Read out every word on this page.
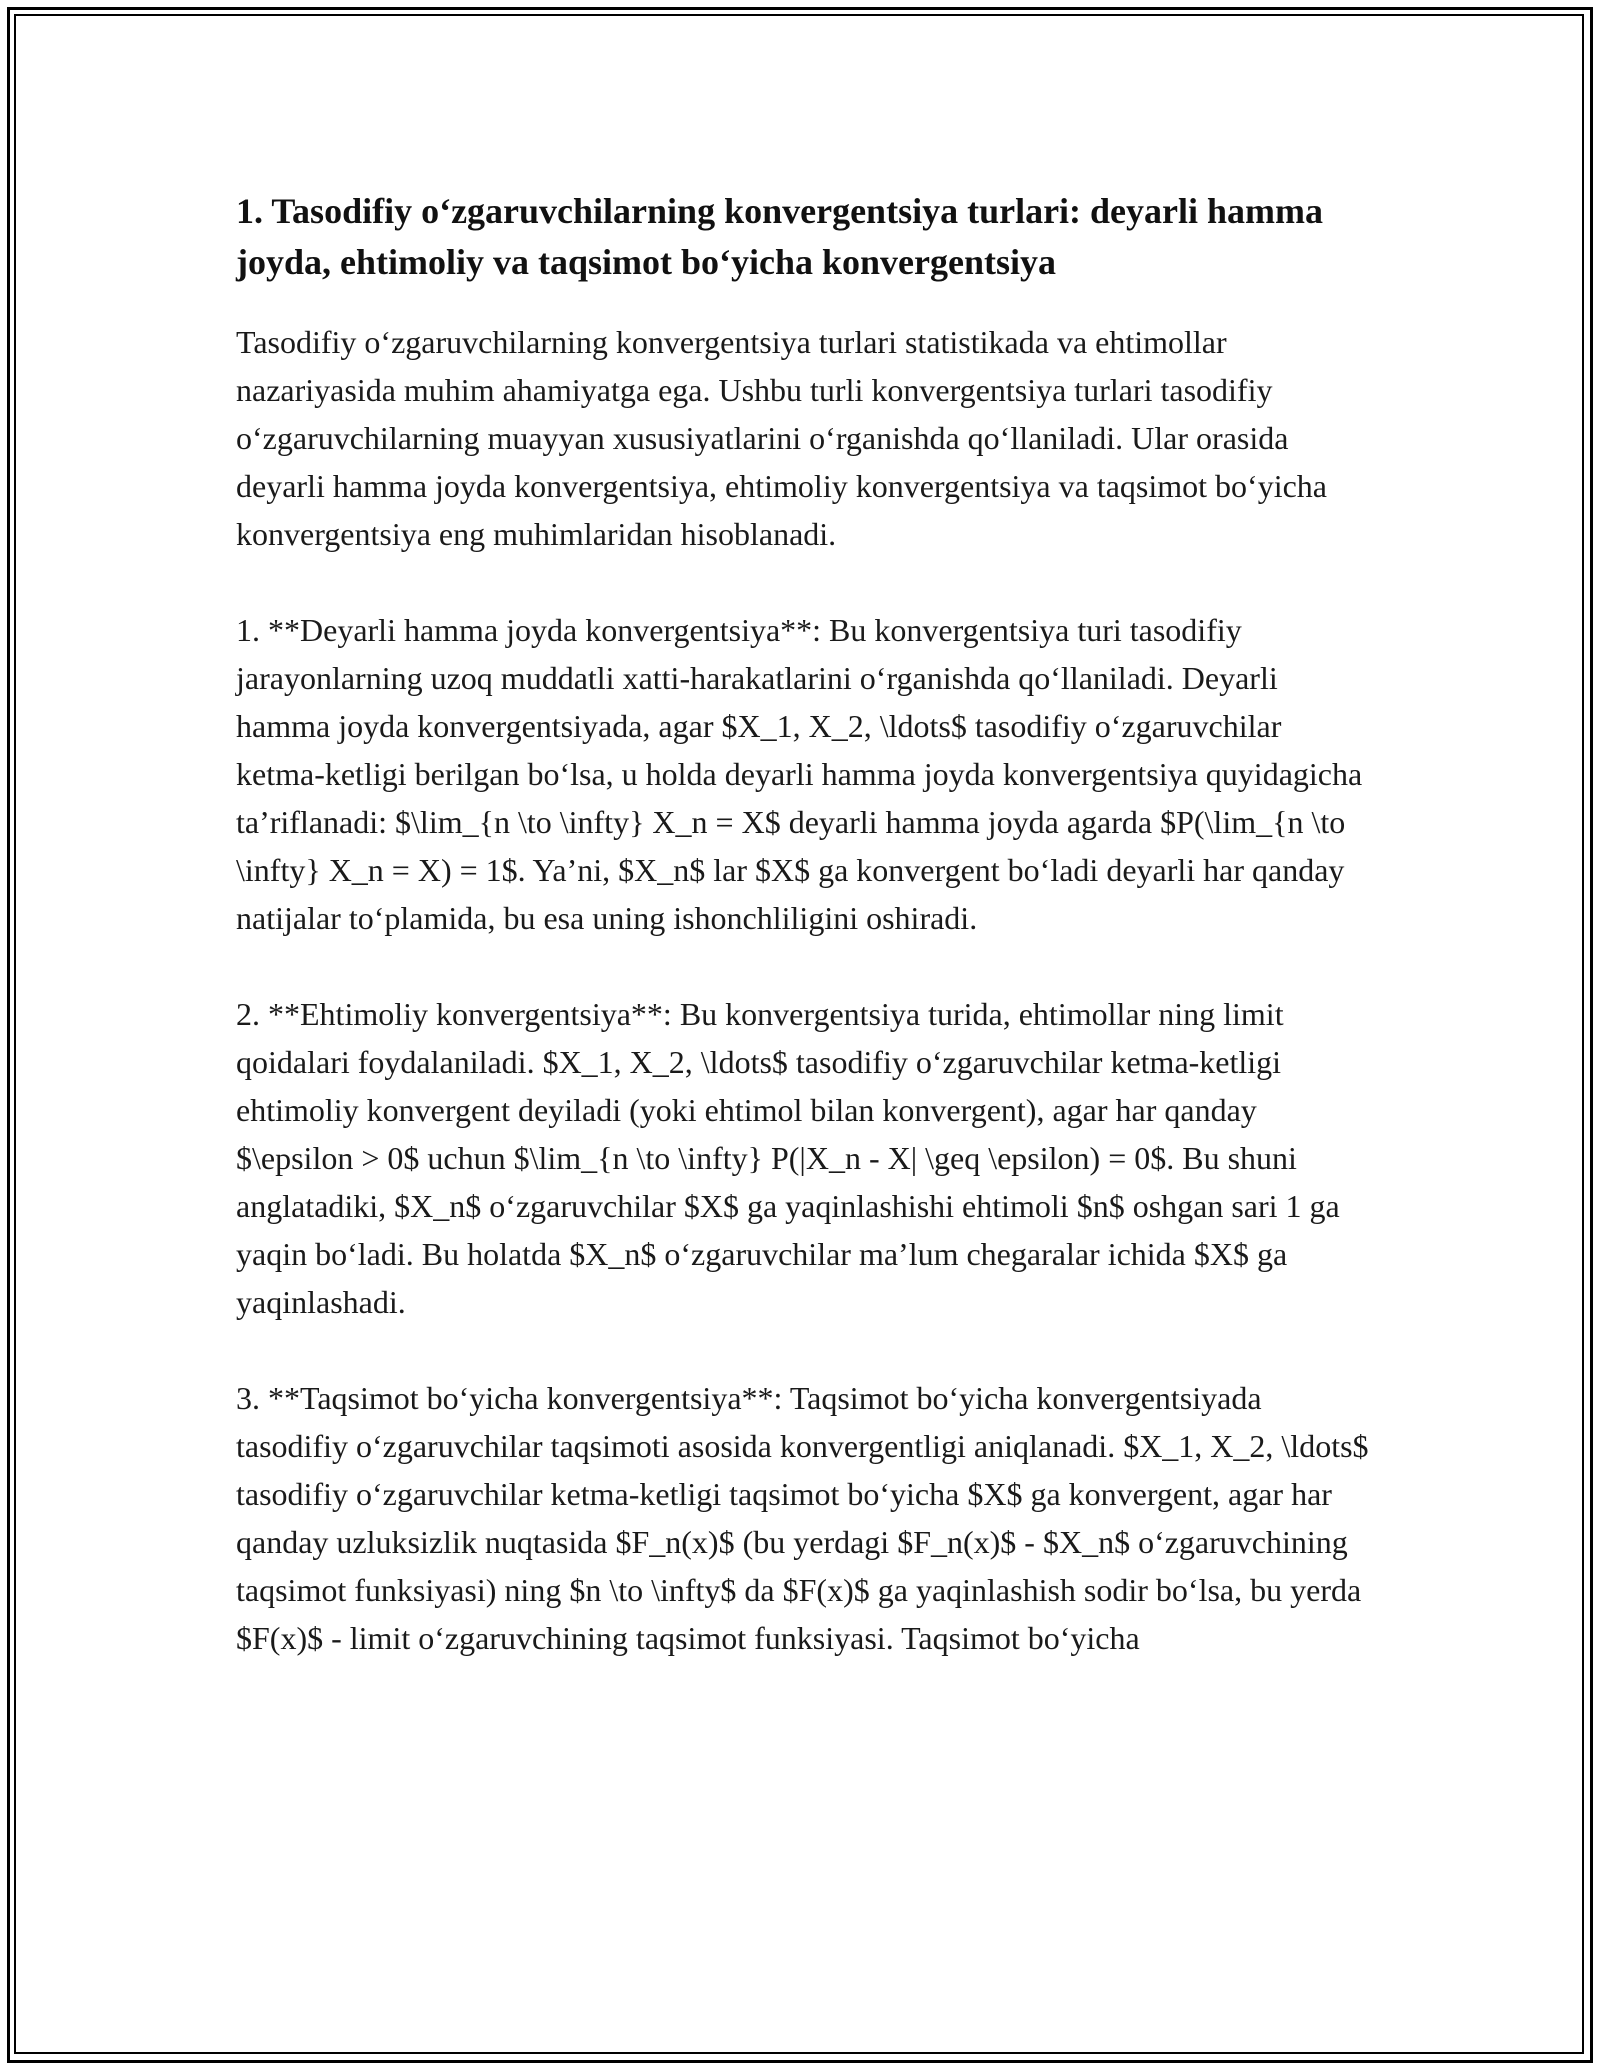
1. Tasodifiy o‘zgaruvchilarning konvergentsiya turlari: deyarli hamma joyda, ehtimoliy va taqsimot bo‘yicha konvergentsiya

Tasodifiy o‘zgaruvchilarning konvergentsiya turlari statistikada va ehtimollar nazariyasida muhim ahamiyatga ega. Ushbu turli konvergentsiya turlari tasodifiy o‘zgaruvchilarning muayyan xususiyatlarini o‘rganishda qo‘llaniladi. Ular orasida deyarli hamma joyda konvergentsiya, ehtimoliy konvergentsiya va taqsimot bo‘yicha konvergentsiya eng muhimlaridan hisoblanadi.

1. **Deyarli hamma joyda konvergentsiya**: Bu konvergentsiya turi tasodifiy jarayonlarning uzoq muddatli xatti-harakatlarini o‘rganishda qo‘llaniladi. Deyarli hamma joyda konvergentsiyada, agar $X_1, X_2, \ldots$ tasodifiy o‘zgaruvchilar ketma-ketligi berilgan bo‘lsa, u holda deyarli hamma joyda konvergentsiya quyidagicha ta’riflanadi: $\lim_{n \to \infty} X_n = X$ deyarli hamma joyda agarda $P(\lim_{n \to \infty} X_n = X) = 1$. Ya’ni, $X_n$ lar $X$ ga konvergent bo‘ladi deyarli har qanday natijalar to‘plamida, bu esa uning ishonchliligini oshiradi.

2. **Ehtimoliy konvergentsiya**: Bu konvergentsiya turida, ehtimollar ning limit qoidalari foydalaniladi. $X_1, X_2, \ldots$ tasodifiy o‘zgaruvchilar ketma-ketligi ehtimoliy konvergent deyiladi (yoki ehtimol bilan konvergent), agar har qanday $\epsilon > 0$ uchun $\lim_{n \to \infty} P(|X_n - X| \geq \epsilon) = 0$. Bu shuni anglatadiki, $X_n$ o‘zgaruvchilar $X$ ga yaqinlashishi ehtimoli $n$ oshgan sari 1 ga yaqin bo‘ladi. Bu holatda $X_n$ o‘zgaruvchilar ma’lum chegaralar ichida $X$ ga yaqinlashadi.

3. **Taqsimot bo‘yicha konvergentsiya**: Taqsimot bo‘yicha konvergentsiyada tasodifiy o‘zgaruvchilar taqsimoti asosida konvergentligi aniqlanadi. $X_1, X_2, \ldots$ tasodifiy o‘zgaruvchilar ketma-ketligi taqsimot bo‘yicha $X$ ga konvergent, agar har qanday uzluksizlik nuqtasida $F_n(x)$ (bu yerdagi $F_n(x)$ - $X_n$ o‘zgaruvchining taqsimot funksiyasi) ning $n \to \infty$ da $F(x)$ ga yaqinlashish sodir bo‘lsa, bu yerda $F(x)$ - limit o‘zgaruvchining taqsimot funksiyasi. Taqsimot bo‘yicha
